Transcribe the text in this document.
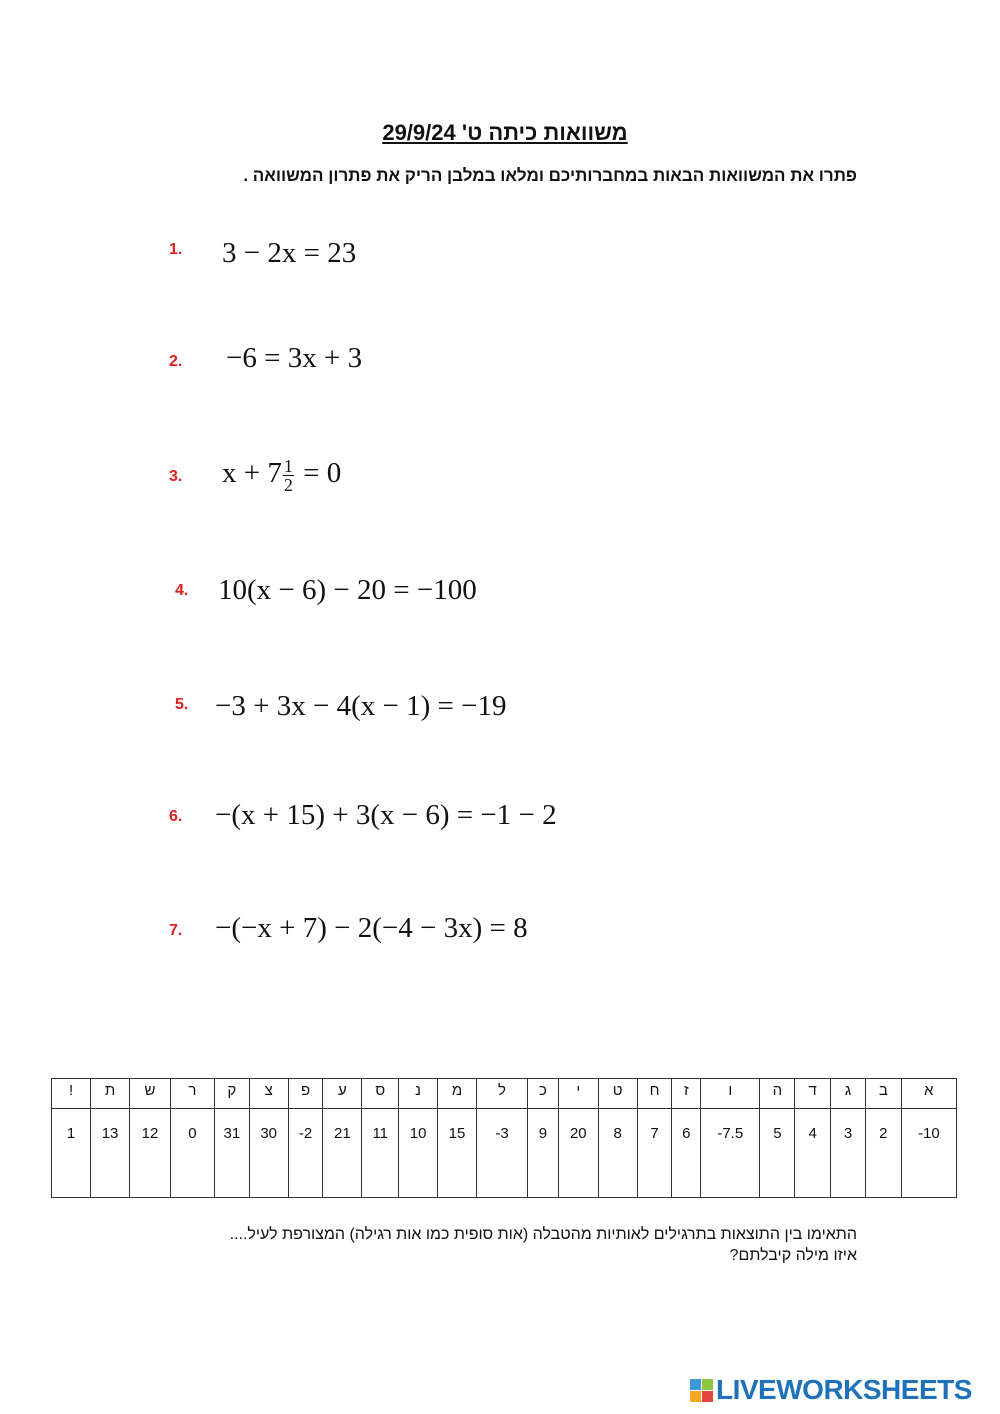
משוואות כיתה ט' 29/9/24
פתרו את המשוואות הבאות במחברותיכם ומלאו במלבן הריק את פתרון המשוואה .
1.	3 − 2x = 23
2.	−6 = 3x + 3
3.	$x + 7 \frac{1}{2} = 0$
4.	10(x − 6) − 20 = −100
5. −3 + 3x − 4(x − 1) = −19
6.	−(x + 15) + 3(x − 6) = −1 − 2
7.	−(−x + 7) − 2(−4 − 3x) = 8
א	ב	ג	ד	ה	ו	ז	ח	ט	י	כ	ל	מ	נ	ס	ע	פ	צ	ק	ר	ש	ת	!
-10	2	3	4	5	-7.5	6	7	8	20	9	-3	15	10	11	21	-2	30	31	0	12	13	1
התאימו בין התוצאות בתרגילים לאותיות מהטבלה (אות סופית כמו אות רגילה) המצורפת לעיל....
איזו מילה קיבלתם?
LIVEWORKSHEETS
